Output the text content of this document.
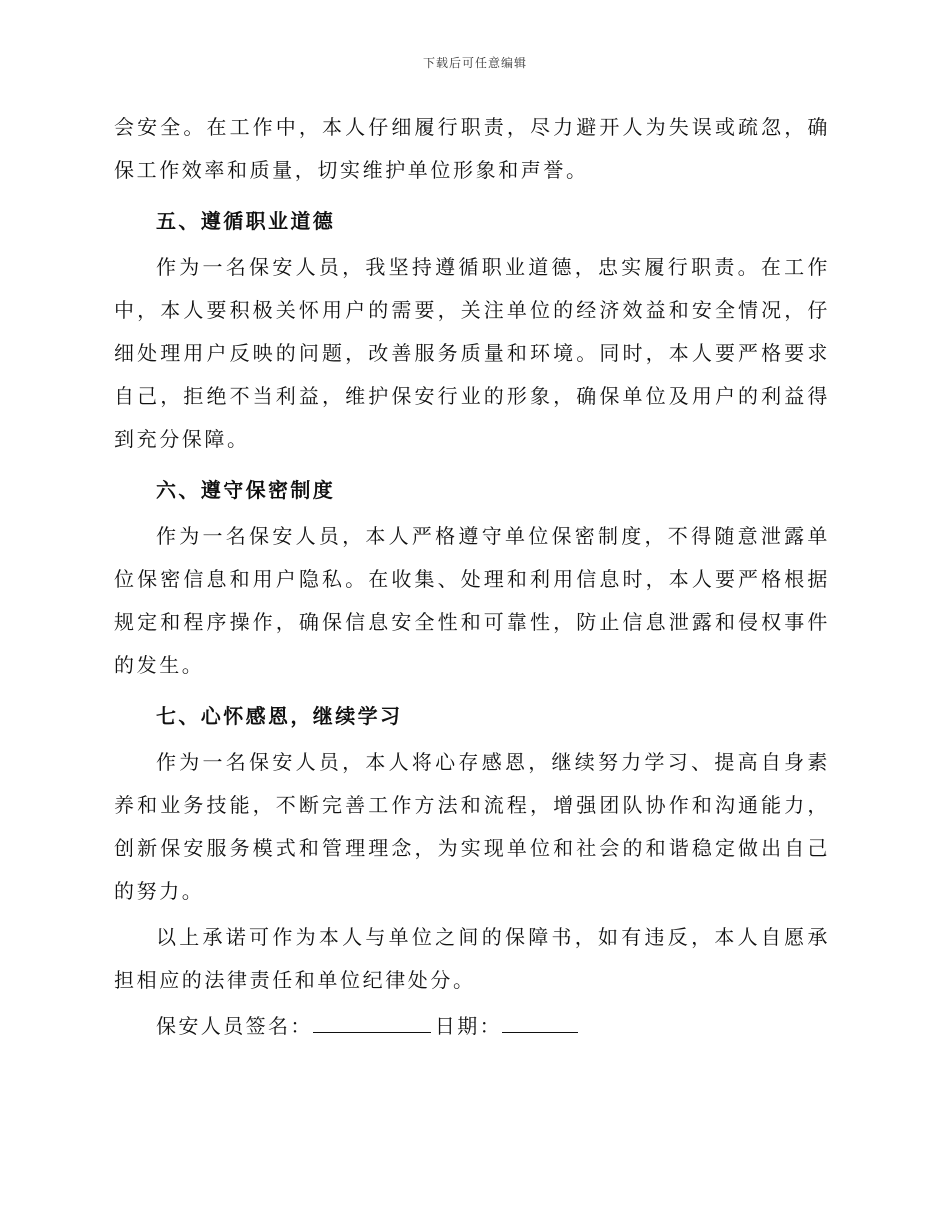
下载后可任意编辑

会安全。在工作中，本人仔细履行职责，尽力避开人为失误或疏忽，确保工作效率和质量，切实维护单位形象和声誉。

五、遵循职业道德

作为一名保安人员，我坚持遵循职业道德，忠实履行职责。在工作中，本人要积极关怀用户的需要，关注单位的经济效益和安全情况，仔细处理用户反映的问题，改善服务质量和环境。同时，本人要严格要求自己，拒绝不当利益，维护保安行业的形象，确保单位及用户的利益得到充分保障。

六、遵守保密制度

作为一名保安人员，本人严格遵守单位保密制度，不得随意泄露单位保密信息和用户隐私。在收集、处理和利用信息时，本人要严格根据规定和程序操作，确保信息安全性和可靠性，防止信息泄露和侵权事件的发生。

七、心怀感恩，继续学习

作为一名保安人员，本人将心存感恩，继续努力学习、提高自身素养和业务技能，不断完善工作方法和流程，增强团队协作和沟通能力，创新保安服务模式和管理理念，为实现单位和社会的和谐稳定做出自己的努力。

以上承诺可作为本人与单位之间的保障书，如有违反，本人自愿承担相应的法律责任和单位纪律处分。

保安人员签名：	日期：
